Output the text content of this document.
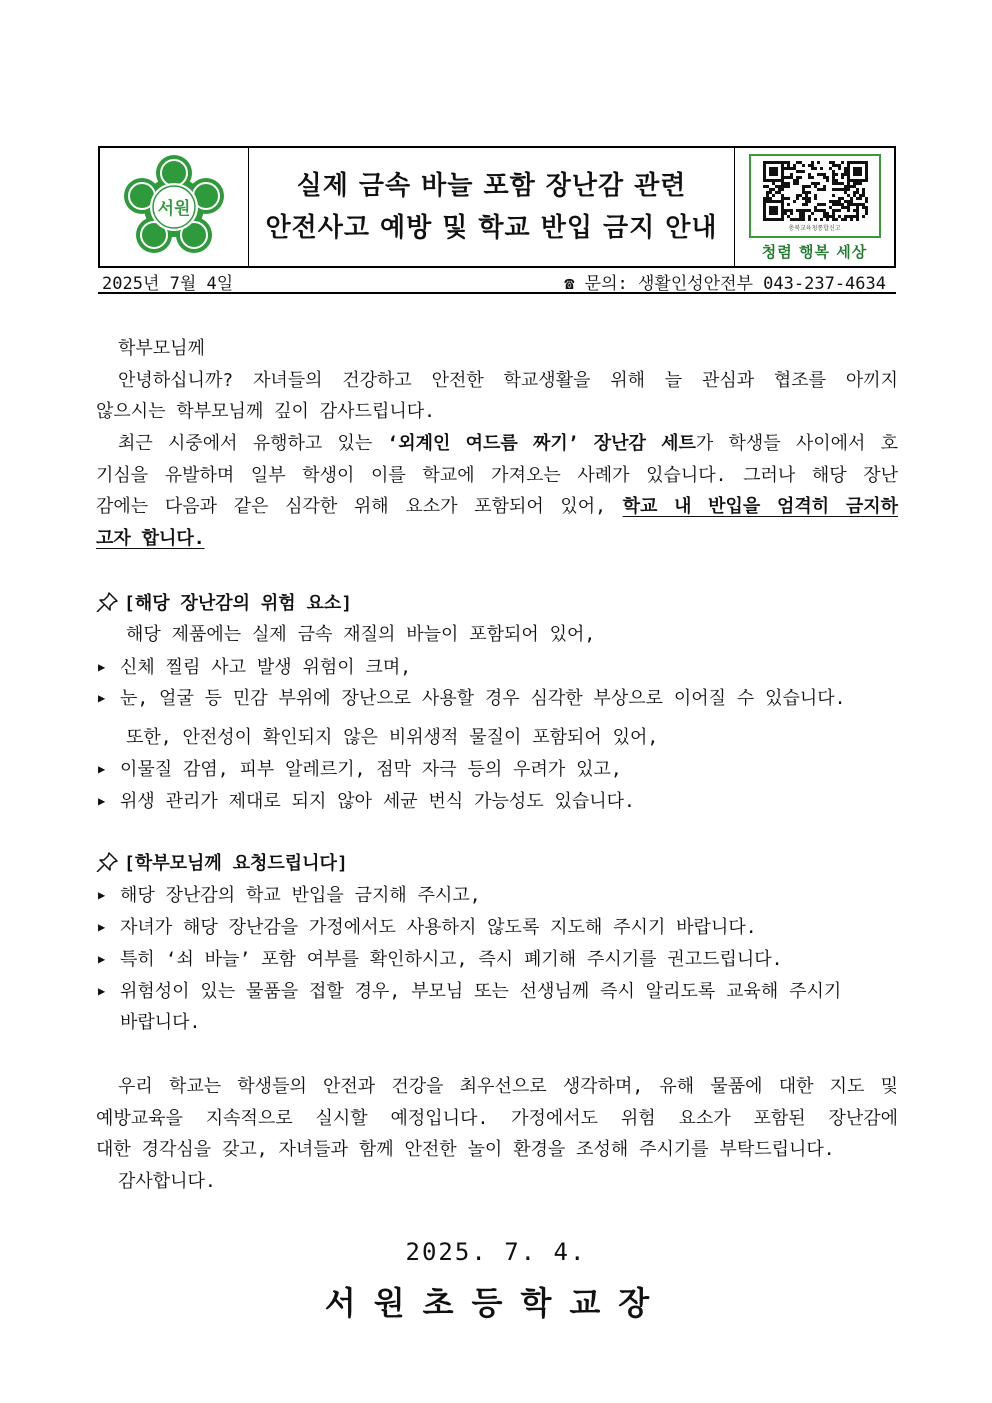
서원
실제 금속 바늘 포함 장난감 관련
안전사고 예방 및 학교 반입 금지 안내	충북교육청통합신고
청렴 행복 세상
2025년 7월 4일	☎ 문의: 생활인성안전부 043-237-4634
학부모님께
안녕하십니까? 자녀들의 건강하고 안전한 학교생활을 위해 늘 관심과 협조를 아끼지
않으시는 학부모님께 깊이 감사드립니다.
최근 시중에서 유행하고 있는 ‘외계인 여드름 짜기’ 장난감 세트가 학생들 사이에서 호
기심을 유발하며 일부 학생이 이를 학교에 가져오는 사례가 있습니다. 그러나 해당 장난
감에는 다음과 같은 심각한 위해 요소가 포함되어 있어, 학교 내 반입을 엄격히 금지하
고자 합니다.
[해당 장난감의 위험 요소]
해당 제품에는 실제 금속 재질의 바늘이 포함되어 있어,
▶ 신체 찔림 사고 발생 위험이 크며,
▶ 눈, 얼굴 등 민감 부위에 장난으로 사용할 경우 심각한 부상으로 이어질 수 있습니다.
또한, 안전성이 확인되지 않은 비위생적 물질이 포함되어 있어,
▶ 이물질 감염, 피부 알레르기, 점막 자극 등의 우려가 있고,
▶ 위생 관리가 제대로 되지 않아 세균 번식 가능성도 있습니다.
[학부모님께 요청드립니다]
▶ 해당 장난감의 학교 반입을 금지해 주시고,
▶ 자녀가 해당 장난감을 가정에서도 사용하지 않도록 지도해 주시기 바랍니다.
▶ 특히 ‘쇠 바늘’ 포함 여부를 확인하시고, 즉시 폐기해 주시기를 권고드립니다.
▶ 위험성이 있는 물품을 접할 경우, 부모님 또는 선생님께 즉시 알리도록 교육해 주시기
바랍니다.
우리 학교는 학생들의 안전과 건강을 최우선으로 생각하며, 유해 물품에 대한 지도 및
예방교육을 지속적으로 실시할 예정입니다. 가정에서도 위험 요소가 포함된 장난감에
대한 경각심을 갖고, 자녀들과 함께 안전한 놀이 환경을 조성해 주시기를 부탁드립니다.
감사합니다.
2025. 7. 4.
서원초등학교장
